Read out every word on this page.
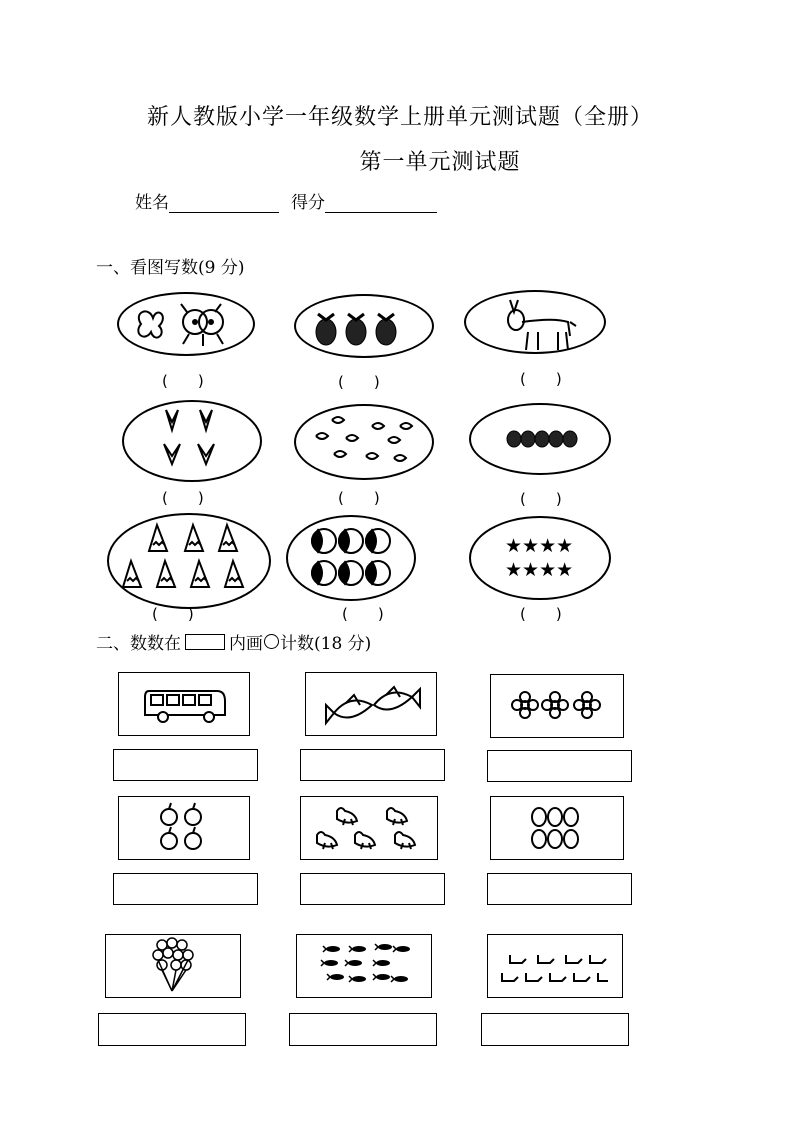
新人教版小学一年级数学上册单元测试题（全册）
第一单元测试题
姓名	得分
一、看图写数(9 分)
(　　)	(　　)	(　　)
(　　)	(　　)	(　　)
★★★★
★★★★
(　　)	(　　)	(　　)
二、数数在	内画 计数(18 分)
